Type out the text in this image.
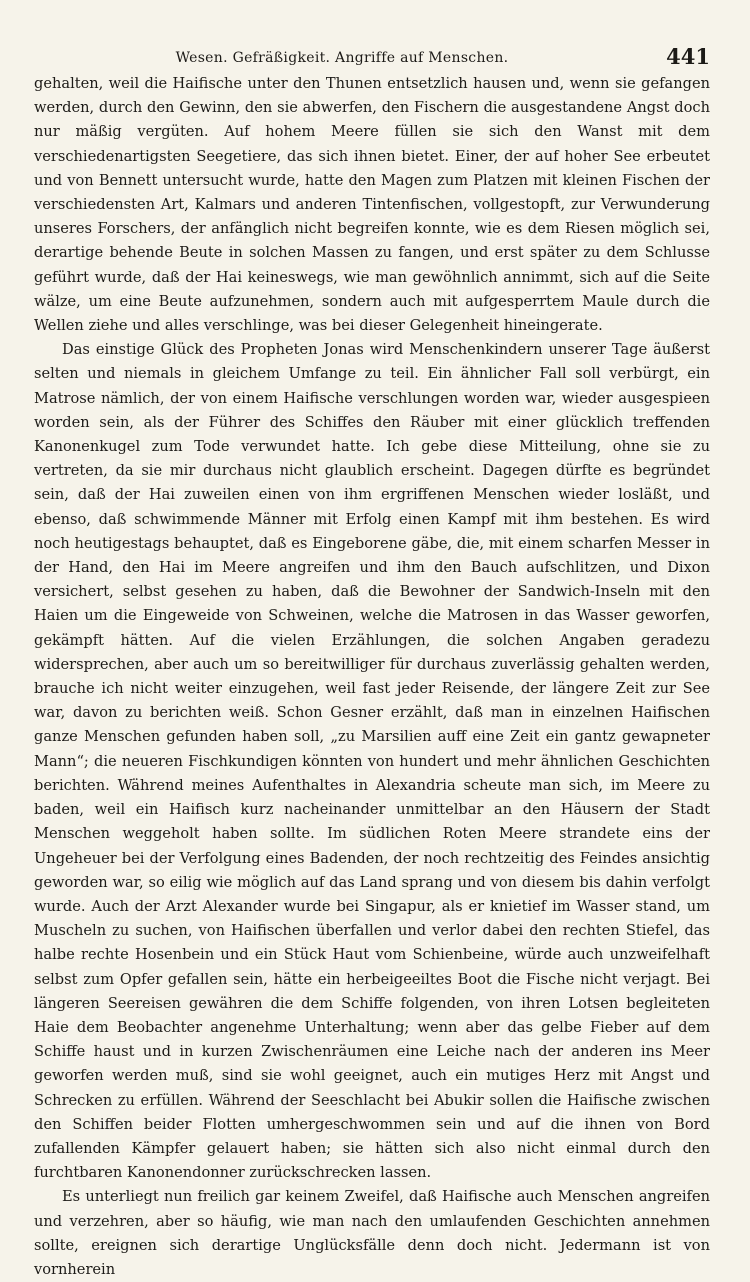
Wesen. Gefräßigkeit. Angriffe auf Menschen.	441

gehalten, weil die Haifische unter den Thunen entsetzlich hausen und, wenn sie gefangen werden, durch den Gewinn, den sie abwerfen, den Fischern die ausgestandene Angst doch nur mäßig vergüten. Auf hohem Meere füllen sie sich den Wanst mit dem verschiedenartigsten Seegetiere, das sich ihnen bietet. Einer, der auf hoher See erbeutet und von Bennett untersucht wurde, hatte den Magen zum Platzen mit kleinen Fischen der verschiedensten Art, Kalmars und anderen Tintenfischen, vollgestopft, zur Verwunderung unseres Forschers, der anfänglich nicht begreifen konnte, wie es dem Riesen möglich sei, derartige behende Beute in solchen Massen zu fangen, und erst später zu dem Schlusse geführt wurde, daß der Hai keineswegs, wie man gewöhnlich annimmt, sich auf die Seite wälze, um eine Beute aufzunehmen, sondern auch mit aufgesperrtem Maule durch die Wellen ziehe und alles verschlinge, was bei dieser Gelegenheit hineingerate.

Das einstige Glück des Propheten Jonas wird Menschenkindern unserer Tage äußerst selten und niemals in gleichem Umfange zu teil. Ein ähnlicher Fall soll verbürgt, ein Matrose nämlich, der von einem Haifische verschlungen worden war, wieder ausgespieen worden sein, als der Führer des Schiffes den Räuber mit einer glücklich treffenden Kanonenkugel zum Tode verwundet hatte. Ich gebe diese Mitteilung, ohne sie zu vertreten, da sie mir durchaus nicht glaublich erscheint. Dagegen dürfte es begründet sein, daß der Hai zuweilen einen von ihm ergriffenen Menschen wieder losläßt, und ebenso, daß schwimmende Männer mit Erfolg einen Kampf mit ihm bestehen. Es wird noch heutigestags behauptet, daß es Eingeborene gäbe, die, mit einem scharfen Messer in der Hand, den Hai im Meere angreifen und ihm den Bauch aufschlitzen, und Dixon versichert, selbst gesehen zu haben, daß die Bewohner der Sandwich-Inseln mit den Haien um die Eingeweide von Schweinen, welche die Matrosen in das Wasser geworfen, gekämpft hätten. Auf die vielen Erzählungen, die solchen Angaben geradezu widersprechen, aber auch um so bereitwilliger für durchaus zuverlässig gehalten werden, brauche ich nicht weiter einzugehen, weil fast jeder Reisende, der längere Zeit zur See war, davon zu berichten weiß. Schon Gesner erzählt, daß man in einzelnen Haifischen ganze Menschen gefunden haben soll, „zu Marsilien auff eine Zeit ein gantz gewapneter Mann“; die neueren Fischkundigen könnten von hundert und mehr ähnlichen Geschichten berichten. Während meines Aufenthaltes in Alexandria scheute man sich, im Meere zu baden, weil ein Haifisch kurz nacheinander unmittelbar an den Häusern der Stadt Menschen weggeholt haben sollte. Im südlichen Roten Meere strandete eins der Ungeheuer bei der Verfolgung eines Badenden, der noch rechtzeitig des Feindes ansichtig geworden war, so eilig wie möglich auf das Land sprang und von diesem bis dahin verfolgt wurde. Auch der Arzt Alexander wurde bei Singapur, als er knietief im Wasser stand, um Muscheln zu suchen, von Haifischen überfallen und verlor dabei den rechten Stiefel, das halbe rechte Hosenbein und ein Stück Haut vom Schienbeine, würde auch unzweifelhaft selbst zum Opfer gefallen sein, hätte ein herbeigeeiltes Boot die Fische nicht verjagt. Bei längeren Seereisen gewähren die dem Schiffe folgenden, von ihren Lotsen begleiteten Haie dem Beobachter angenehme Unterhaltung; wenn aber das gelbe Fieber auf dem Schiffe haust und in kurzen Zwischenräumen eine Leiche nach der anderen ins Meer geworfen werden muß, sind sie wohl geeignet, auch ein mutiges Herz mit Angst und Schrecken zu erfüllen. Während der Seeschlacht bei Abukir sollen die Haifische zwischen den Schiffen beider Flotten umhergeschwommen sein und auf die ihnen von Bord zufallenden Kämpfer gelauert haben; sie hätten sich also nicht einmal durch den furchtbaren Kanonendonner zurückschrecken lassen.

Es unterliegt nun freilich gar keinem Zweifel, daß Haifische auch Menschen angreifen und verzehren, aber so häufig, wie man nach den umlaufenden Geschichten annehmen sollte, ereignen sich derartige Unglücksfälle denn doch nicht. Jedermann ist von vornherein
